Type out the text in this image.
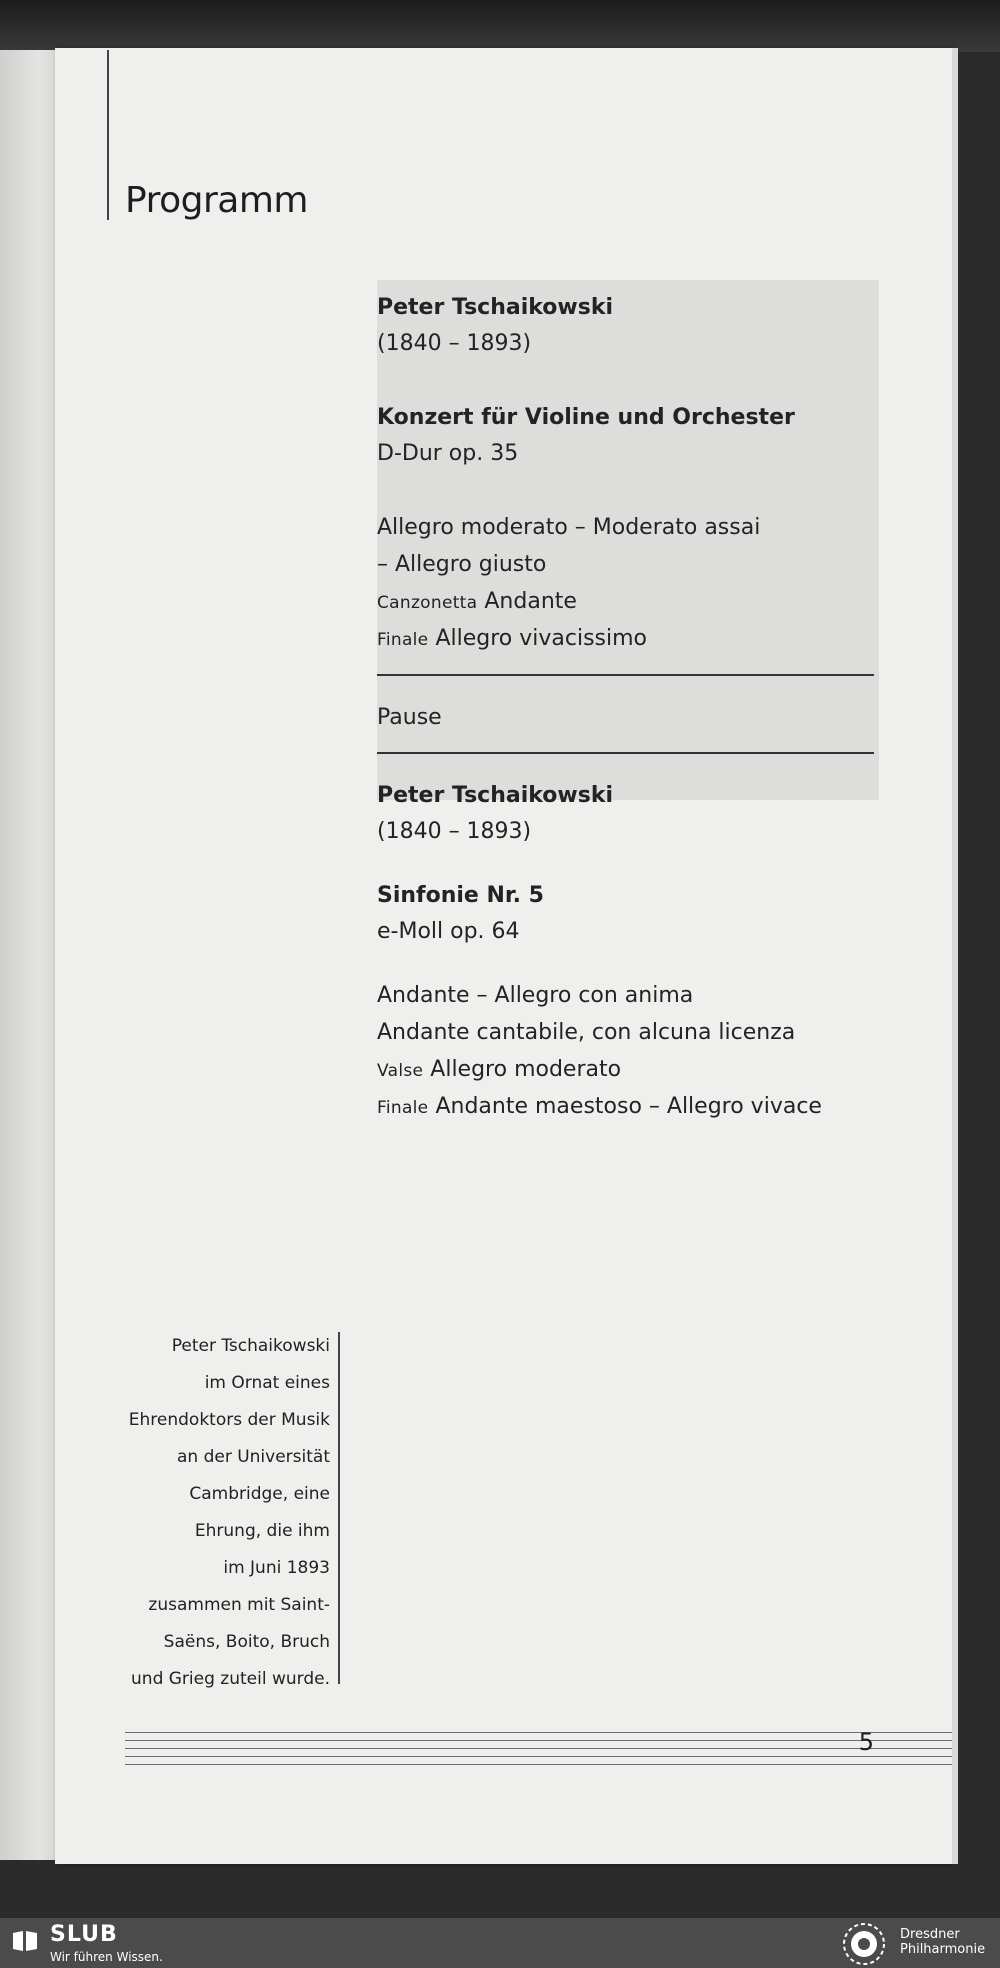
Programm

Peter Tschaikowski

(1840 – 1893)

Konzert für Violine und Orchester

D-Dur op. 35

Allegro moderato – Moderato assai

– Allegro giusto

Canzonetta Andante

Finale Allegro vivacissimo

Pause

Peter Tschaikowski

(1840 – 1893)

Sinfonie Nr. 5

e-Moll op. 64

Andante – Allegro con anima

Andante cantabile, con alcuna licenza

Valse Allegro moderato

Finale Andante maestoso – Allegro vivace

Peter Tschaikowski
im Ornat eines
Ehrendoktors der Musik
an der Universität
Cambridge, eine
Ehrung, die ihm
im Juni 1893
zusammen mit Saint-
Saëns, Boito, Bruch
und Grieg zuteil wurde.

5

SLUB
Wir führen Wissen.
Dresdner
Philharmonie
